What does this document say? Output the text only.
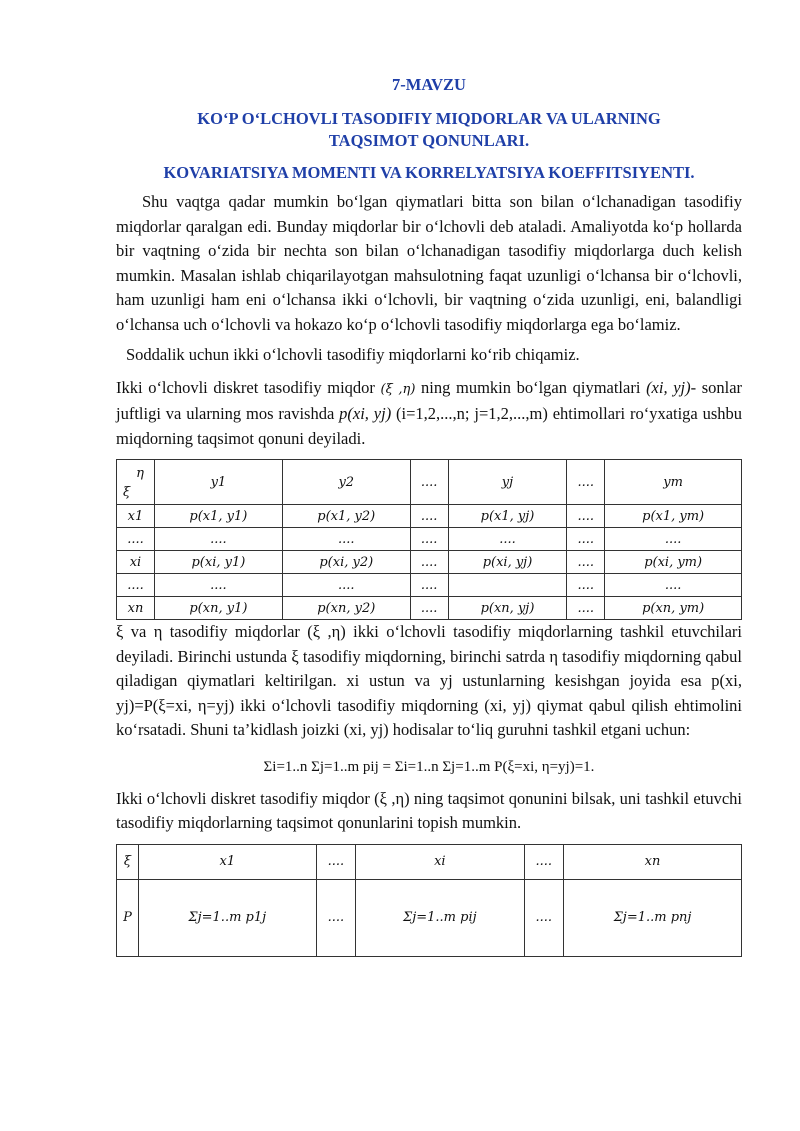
7-MAVZU
KO‘P O‘LCHOVLI TASODIFIY MIQDORLAR VA ULARNING
TAQSIMOT QONUNLARI.
KOVARIATSIYA MOMENTI VA KORRELYATSIYA KOEFFITSIYENTI.

Shu vaqtga qadar mumkin bo‘lgan qiymatlari bitta son bilan o‘lchanadigan tasodifiy miqdorlar qaralgan edi. Bunday miqdorlar bir o‘lchovli deb ataladi. Amaliyotda ko‘p hollarda bir vaqtning o‘zida bir nechta son bilan o‘lchanadigan tasodifiy miqdorlarga duch kelish mumkin. Masalan ishlab chiqarilayotgan mahsulotning faqat uzunligi o‘lchansa bir o‘lchovli, ham uzunligi ham eni o‘lchansa ikki o‘lchovli, bir vaqtning o‘zida uzunligi, eni, balandligi o‘lchansa uch o‘lchovli va hokazo ko‘p o‘lchovli tasodifiy miqdorlarga ega bo‘lamiz.

Soddalik uchun ikki o‘lchovli tasodifiy miqdorlarni ko‘rib chiqamiz.

Ikki o‘lchovli diskret tasodifiy miqdor (ξ ,η) ning mumkin bo‘lgan qiymatlari (xi, yj)- sonlar juftligi va ularning mos ravishda p(xi, yj) (i=1,2,...,n; j=1,2,...,m) ehtimollari ro‘yxatiga ushbu miqdorning taqsimot qonuni deyiladi.

η
ξ	y1	y2	....	yj	....	ym
x1	p(x1, y1)	p(x1, y2)	....	p(x1, yj)	....	p(x1, ym)
....	....	....	....	....	....	....
xi	p(xi, y1)	p(xi, y2)	....	p(xi, yj)	....	p(xi, ym)
....	....	....	....		....	....
xn	p(xn, y1)	p(xn, y2)	....	p(xn, yj)	....	p(xn, ym)

ξ va η tasodifiy miqdorlar (ξ ,η) ikki o‘lchovli tasodifiy miqdorlarning tashkil etuvchilari deyiladi. Birinchi ustunda ξ tasodifiy miqdorning, birinchi satrda η tasodifiy miqdorning qabul qiladigan qiymatlari keltirilgan. xi ustun va yj ustunlarning kesishgan joyida esa p(xi, yj)=P(ξ=xi, η=yj) ikki o‘lchovli tasodifiy miqdorning (xi, yj) qiymat qabul qilish ehtimolini ko‘rsatadi. Shuni ta’kidlash joizki (xi, yj) hodisalar to‘liq guruhni tashkil etgani uchun:

Σi=1..n Σj=1..m pij = Σi=1..n Σj=1..m P(ξ=xi, η=yj)=1.

Ikki o‘lchovli diskret tasodifiy miqdor (ξ ,η) ning taqsimot qonunini bilsak, uni tashkil etuvchi tasodifiy miqdorlarning taqsimot qonunlarini topish mumkin.

ξ	x1	....	xi	....	xn
P	Σj=1..m p1j	....	Σj=1..m pij	....	Σj=1..m pnj
